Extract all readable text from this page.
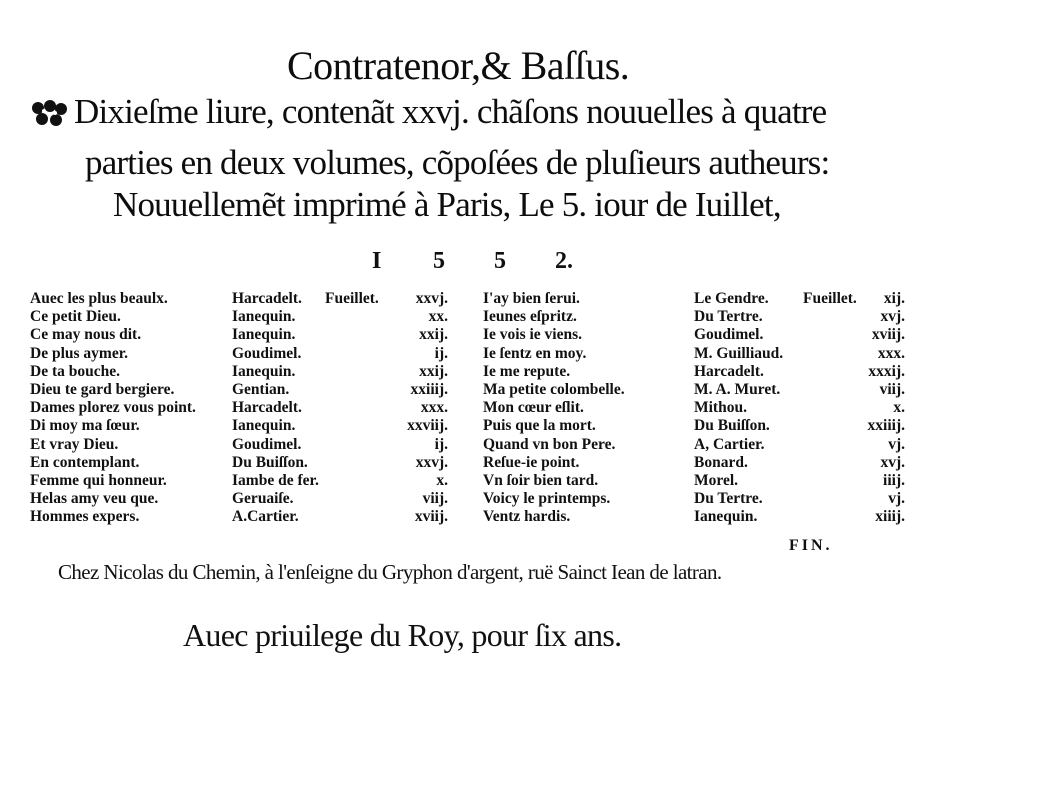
Contratenor,& Baſſus.
Dixieſme liure, contenãt xxvj. chãſons nouuelles à quatre
parties en deux volumes, cõpoſées de pluſieurs autheurs:
Nouuellemẽt imprimé à Paris, Le 5. iour de Iuillet,
I 5 5 2.
Auec les plus beaulx.	Harcadelt. Fueillet. xxvj.
Ce petit Dieu.	Ianequin.	xx.
Ce may nous dit.	Ianequin.	xxij.
De plus aymer.	Goudimel.	ij.
De ta bouche.	Ianequin.	xxij.
Dieu te gard bergiere.	Gentian.	xxiiij.
Dames plorez vous point. Harcadelt.	xxx.
Di moy ma ſœur.	Ianequin.	xxviij.
Et vray Dieu.	Goudimel.	ij.
En contemplant.	Du Buiſſon.	xxvj.
Femme qui honneur.	Iambe de fer.	x.
Helas amy veu que.	Geruaiſe.	viij.
Hommes expers.	A.Cartier.	xviij.
I'ay bien ſerui.	Le Gendre. Fueillet. xij.
Ieunes eſpritz.	Du Tertre.	xvj.
Ie vois ie viens.	Goudimel.	xviij.
Ie ſentz en moy.	M. Guilliaud.	xxx.
Ie me repute.	Harcadelt.	xxxij.
Ma petite colombelle.	M. A. Muret.	viij.
Mon cœur eſlit.	Mithou.	x.
Puis que la mort.	Du Buiſſon.	xxiiij.
Quand vn bon Pere.	A, Cartier.	vj.
Reſue-ie point.	Bonard.	xvj.
Vn ſoir bien tard.	Morel.	iiij.
Voicy le printemps.	Du Tertre.	vj.
Ventz hardis.	Ianequin.	xiiij.
FIN.
Chez Nicolas du Chemin, à l'enſeigne du Gryphon d'argent, ruë Sainct Iean de latran.
Auec priuilege du Roy, pour ſix ans.
